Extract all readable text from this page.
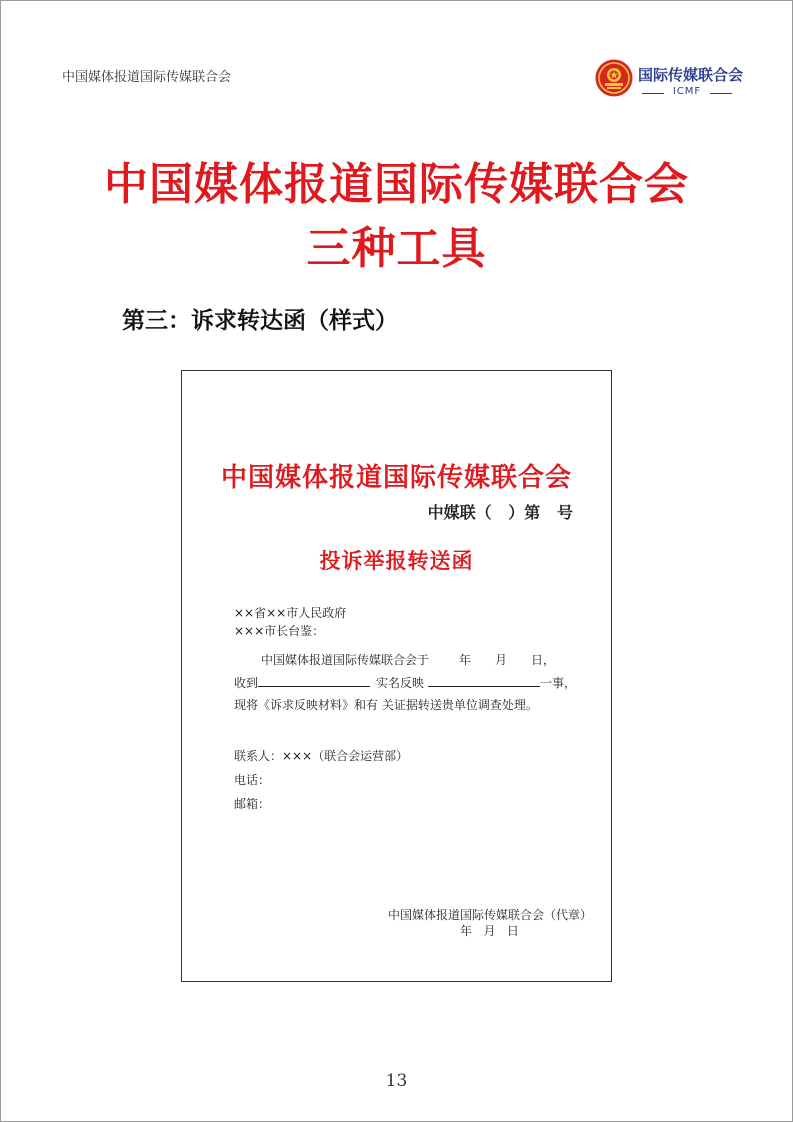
中国媒体报道国际传媒联合会	国际传媒联合会
ICMF
中国媒体报道国际传媒联合会
三种工具
第三：诉求转达函（样式）
中国媒体报道国际传媒联合会
中媒联（   ）第   号
投诉举报转送函
××省××市人民政府
×××市长台鉴：
中国媒体报道国际传媒联合会于	年 月 日，
收到	实名反映	一事，
现将《诉求反映材料》和有 关证据转送贵单位调查处理。
联系人：×××（联合会运营部）
电话：
邮箱：
中国媒体报道国际传媒联合会（代章）
年   月   日
13
